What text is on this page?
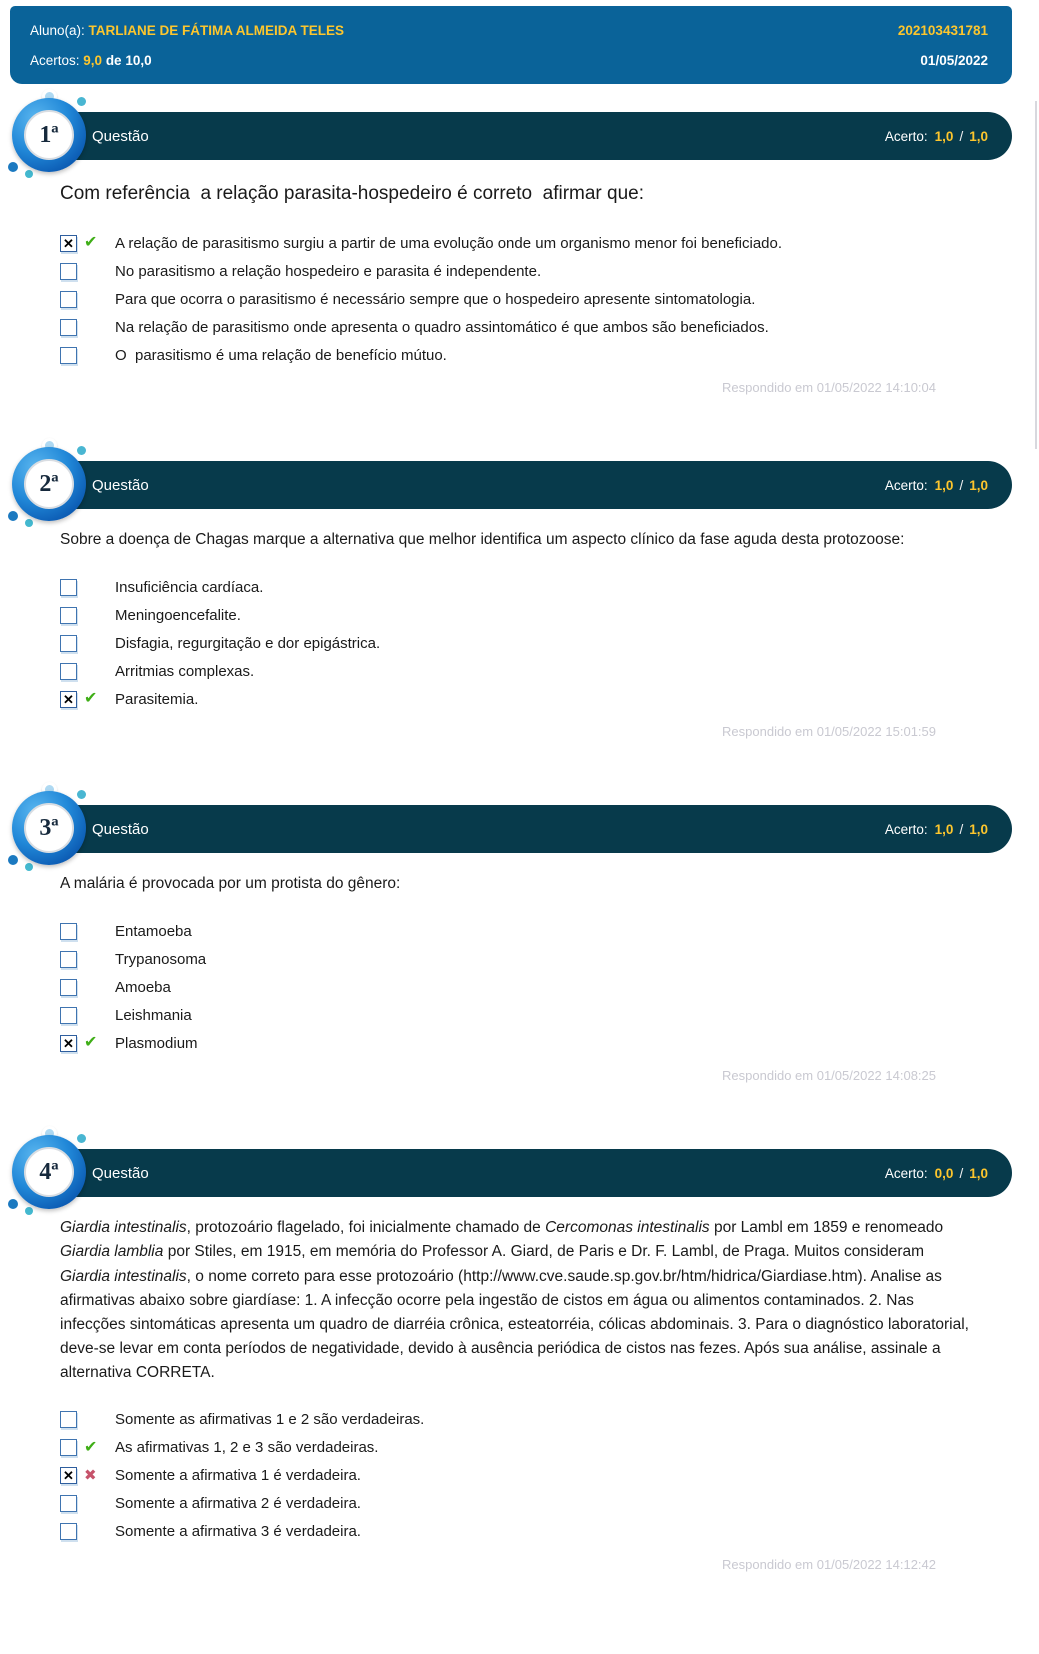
Aluno(a): TARLIANE DE FÁTIMA ALMEIDA TELES	202103431781
Acertos: 9,0 de 10,0	01/05/2022
1ª Questão	Acerto: 1,0 / 1,0
Com referência  a relação parasita-hospedeiro é correto  afirmar que:
✕ ✔	A relação de parasitismo surgiu a partir de uma evolução onde um organismo menor foi beneficiado.
No parasitismo a relação hospedeiro e parasita é independente.
Para que ocorra o parasitismo é necessário sempre que o hospedeiro apresente sintomatologia.
Na relação de parasitismo onde apresenta o quadro assintomático é que ambos são beneficiados.
O  parasitismo é uma relação de benefício mútuo.
Respondido em 01/05/2022 14:10:04
2ª Questão	Acerto: 1,0 / 1,0
Sobre a doença de Chagas marque a alternativa que melhor identifica um aspecto clínico da fase aguda desta protozoose:
Insuficiência cardíaca.
Meningoencefalite.
Disfagia, regurgitação e dor epigástrica.
Arritmias complexas.
✕ ✔	Parasitemia.
Respondido em 01/05/2022 15:01:59
3ª Questão	Acerto: 1,0 / 1,0
A malária é provocada por um protista do gênero:
Entamoeba
Trypanosoma
Amoeba
Leishmania
✕ ✔	Plasmodium
Respondido em 01/05/2022 14:08:25
4ª Questão	Acerto: 0,0 / 1,0
Giardia intestinalis, protozoário flagelado, foi inicialmente chamado de Cercomonas intestinalis por Lambl em 1859 e renomeado Giardia lamblia por Stiles, em 1915, em memória do Professor A. Giard, de Paris e Dr. F. Lambl, de Praga. Muitos consideram Giardia intestinalis, o nome correto para esse protozoário (http://www.cve.saude.sp.gov.br/htm/hidrica/Giardiase.htm). Analise as afirmativas abaixo sobre giardíase: 1. A infecção ocorre pela ingestão de cistos em água ou alimentos contaminados. 2. Nas infecções sintomáticas apresenta um quadro de diarréia crônica, esteatorréia, cólicas abdominais. 3. Para o diagnóstico laboratorial, deve-se levar em conta períodos de negatividade, devido à ausência periódica de cistos nas fezes. Após sua análise, assinale a alternativa CORRETA.
Somente as afirmativas 1 e 2 são verdadeiras.
✔	As afirmativas 1, 2 e 3 são verdadeiras.
✕ ✖	Somente a afirmativa 1 é verdadeira.
Somente a afirmativa 2 é verdadeira.
Somente a afirmativa 3 é verdadeira.
Respondido em 01/05/2022 14:12:42
